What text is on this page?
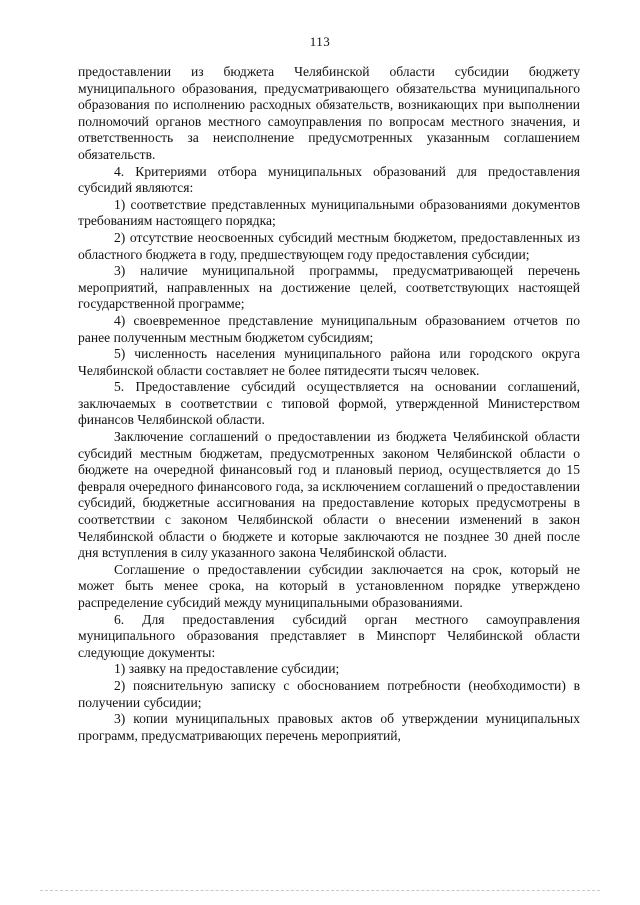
113

предоставлении из бюджета Челябинской области субсидии бюджету муниципального образования, предусматривающего обязательства муниципального образования по исполнению расходных обязательств, возникающих при выполнении полномочий органов местного самоуправления по вопросам местного значения, и ответственность за неисполнение предусмотренных указанным соглашением обязательств.

4. Критериями отбора муниципальных образований для предоставления субсидий являются:

1) соответствие представленных муниципальными образованиями документов требованиям настоящего порядка;

2) отсутствие неосвоенных субсидий местным бюджетом, предоставленных из областного бюджета в году, предшествующем году предоставления субсидии;

3) наличие муниципальной программы, предусматривающей перечень мероприятий, направленных на достижение целей, соответствующих настоящей государственной программе;

4) своевременное представление муниципальным образованием отчетов по ранее полученным местным бюджетом субсидиям;

5) численность населения муниципального района или городского округа Челябинской области составляет не более пятидесяти тысяч человек.

5. Предоставление субсидий осуществляется на основании соглашений, заключаемых в соответствии с типовой формой, утвержденной Министерством финансов Челябинской области.

Заключение соглашений о предоставлении из бюджета Челябинской области субсидий местным бюджетам, предусмотренных законом Челябинской области о бюджете на очередной финансовый год и плановый период, осуществляется до 15 февраля очередного финансового года, за исключением соглашений о предоставлении субсидий, бюджетные ассигнования на предоставление которых предусмотрены в соответствии с законом Челябинской области о внесении изменений в закон Челябинской области о бюджете и которые заключаются не позднее 30 дней после дня вступления в силу указанного закона Челябинской области.

Соглашение о предоставлении субсидии заключается на срок, который не может быть менее срока, на который в установленном порядке утверждено распределение субсидий между муниципальными образованиями.

6. Для предоставления субсидий орган местного самоуправления муниципального образования представляет в Минспорт Челябинской области следующие документы:

1) заявку на предоставление субсидии;

2) пояснительную записку с обоснованием потребности (необходимости) в получении субсидии;

3) копии муниципальных правовых актов об утверждении муниципальных программ, предусматривающих перечень мероприятий,
